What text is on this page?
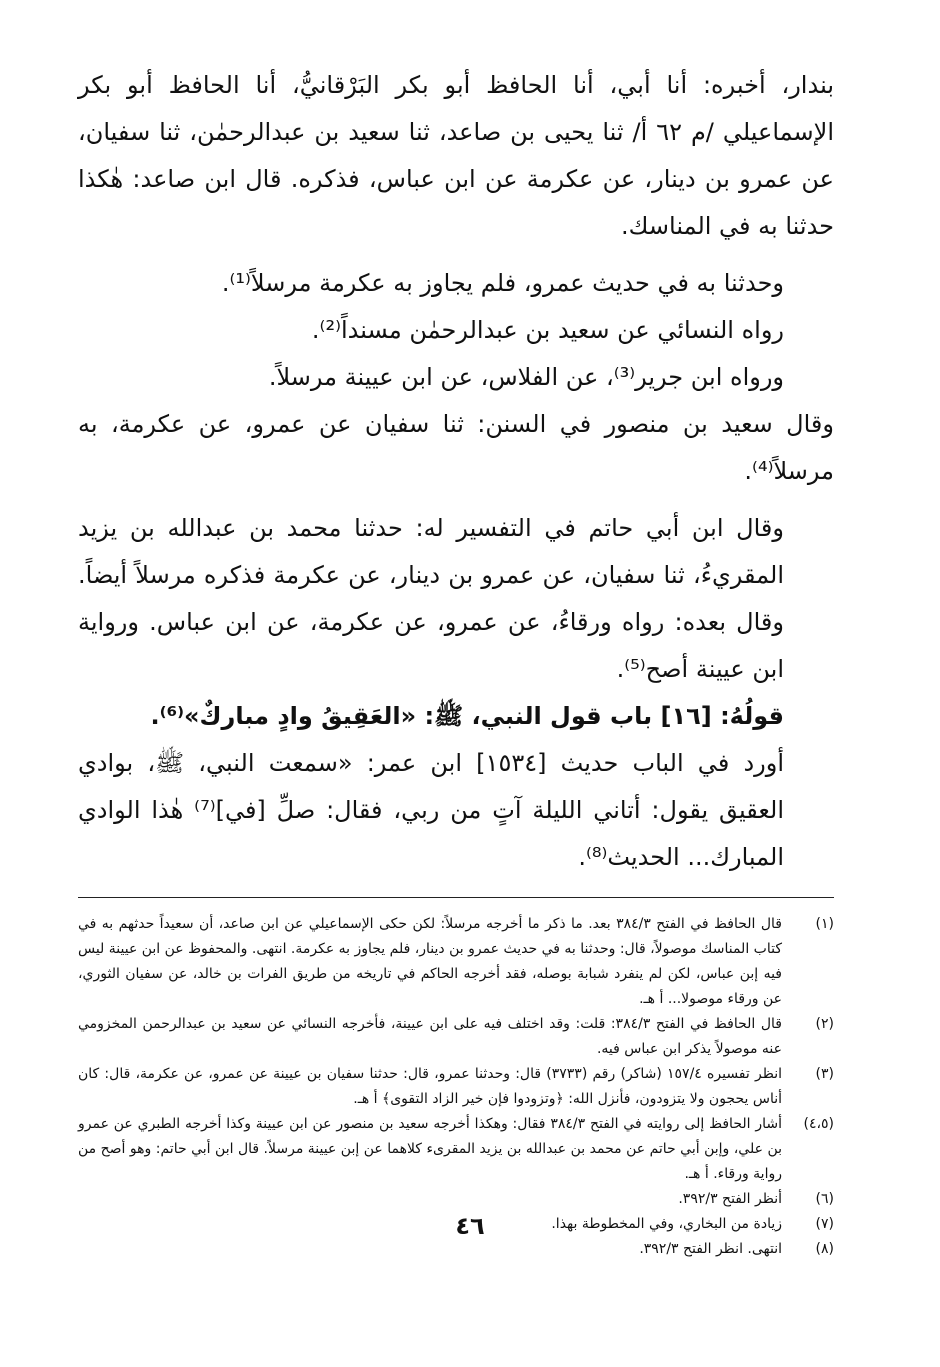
بندار، أخبره: أنا أبي، أنا الحافظ أبو بكر البَرْقانيُّ، أنا الحافظ أبو بكر الإسماعيلي /م ٦٢ أ/ ثنا يحيى بن صاعد، ثنا سعيد بن عبدالرحمٰن، ثنا سفيان، عن عمرو بن دينار، عن عكرمة عن ابن عباس، فذكره. قال ابن صاعد: هٰكذا حدثنا به في المناسك.

وحدثنا به في حديث عمرو، فلم يجاوز به عكرمة مرسلاً⁽¹⁾.

رواه النسائي عن سعيد بن عبدالرحمٰن مسنداً⁽²⁾.

ورواه ابن جرير⁽³⁾، عن الفلاس، عن ابن عيينة مرسلاً.

وقال سعيد بن منصور في السنن: ثنا سفيان عن عمرو، عن عكرمة، به مرسلاً⁽⁴⁾.

وقال ابن أبي حاتم في التفسير له: حدثنا محمد بن عبدالله بن يزيد المقريءُ، ثنا سفيان، عن عمرو بن دينار، عن عكرمة فذكره مرسلاً أيضاً. وقال بعده: رواه ورقاءُ، عن عمرو، عن عكرمة، عن ابن عباس. ورواية ابن عيينة أصح⁽⁵⁾.

قولُهُ: [١٦] باب قول النبي، ﷺ: «العَقِيقُ وادٍ مباركٌ»⁽⁶⁾.

أورد في الباب حديث [١٥٣٤] ابن عمر: «سمعت النبي، ﷺ، بوادي العقيق يقول: أتاني الليلة آتٍ من ربي، فقال: صلِّ [في]⁽⁷⁾ هٰذا الوادي المبارك... الحديث⁽⁸⁾.

(١)
قال الحافظ في الفتح ٣٨٤/٣ بعد. ما ذكر ما أخرجه مرسلاً: لكن حكى الإسماعيلي عن ابن صاعد، أن سعيداً حدثهم به في كتاب المناسك موصولاً، قال: وحدثنا به في حديث عمرو بن دينار، فلم يجاوز به عكرمة. انتهى. والمحفوظ عن ابن عيينة ليس فيه إبن عباس، لكن لم ينفرد شبابة بوصله، فقد أخرجه الحاكم في تاريخه من طريق الفرات بن خالد، عن سفيان الثوري، عن ورقاء موصولا... أ هـ.
(٢)
قال الحافظ في الفتح ٣٨٤/٣: قلت: وقد اختلف فيه على ابن عيينة، فأخرجه النسائي عن سعيد بن عبدالرحمن المخزومي عنه موصولاً يذكر ابن عباس فيه.
(٣)
انظر تفسيره ١٥٧/٤ (شاكر) رقم (٣٧٣٣) قال: وحدثنا عمرو، قال: حدثنا سفيان بن عيينة عن عمرو، عن عكرمة، قال: كان أناس يحجون ولا يتزودون، فأنزل الله: ﴿وتزودوا فإن خير الزاد التقوى﴾ أ هـ.
(٤،٥)
أشار الحافظ إلى روايته في الفتح ٣٨٤/٣ فقال: وهكذا أخرجه سعيد بن منصور عن ابن عيينة وكذا أخرجه الطبري عن عمرو بن علي، وإبن أبي حاتم عن محمد بن عبدالله بن يزيد المقرىء كلاهما عن إبن عيينة مرسلاً. قال ابن أبي حاتم: وهو أصح من رواية ورقاء. أ هـ.
(٦)
أنظر الفتح ٣٩٢/٣.
(٧)
زيادة من البخاري، وفي المخطوطة بهذا.
(٨)
انتهى. انظر الفتح ٣٩٢/٣.
٤٦
